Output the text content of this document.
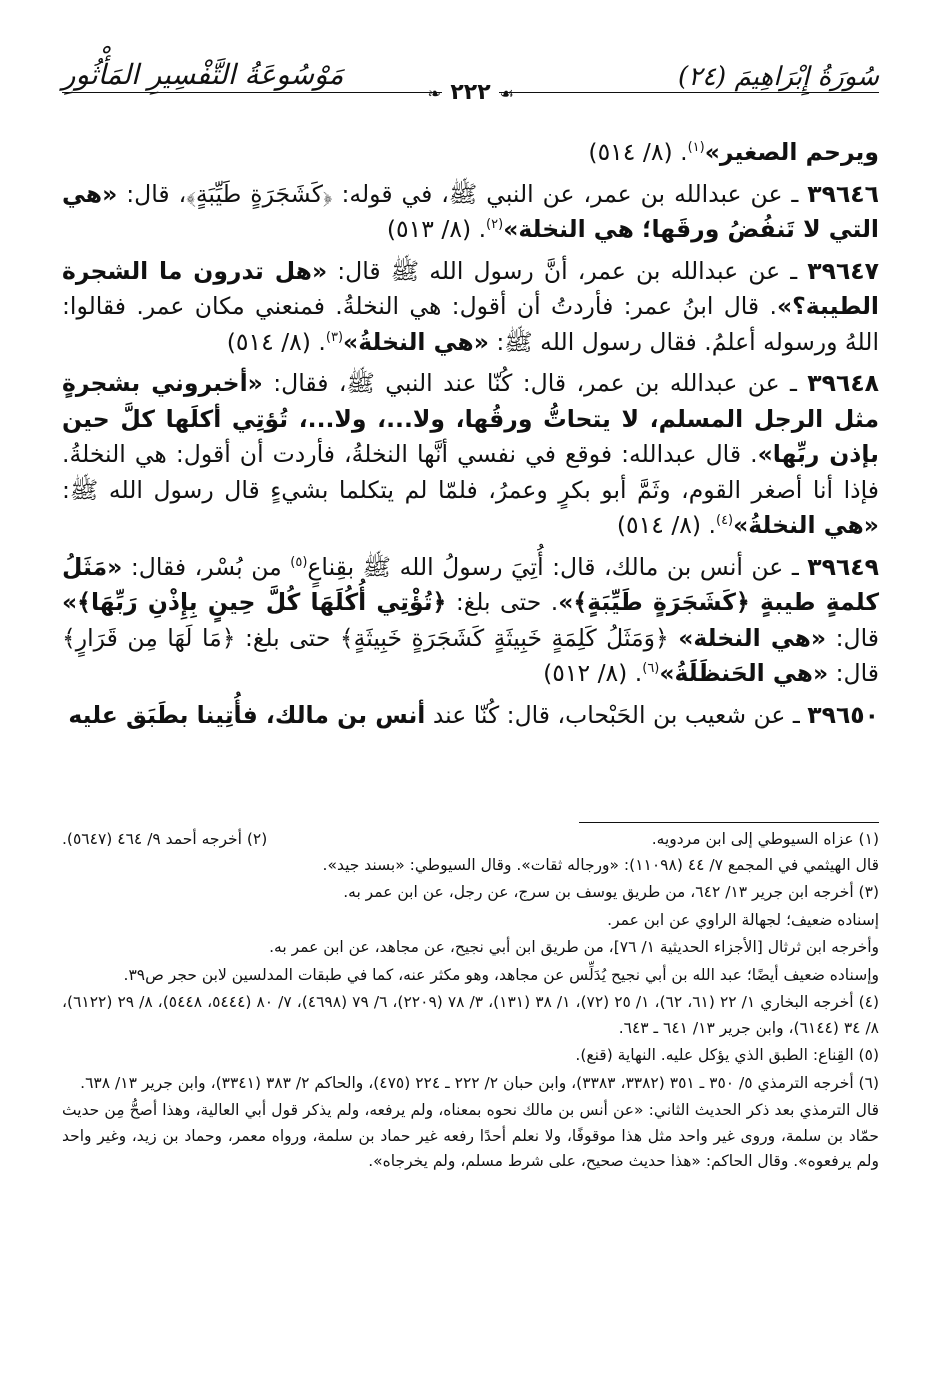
سُورَةُ إِبْرَاهِيمَ (٢٤)
مَوْسُوعَةُ التَّفْسِيرِ المَأْثُورِ
☙٢٢٢❧

ويرحم الصغير»$^{(١)}$. (٨/ ٥١٤)

٣٩٦٤٦ ـ عن عبدالله بن عمر، عن النبي ﷺ، في قوله: ﴿كَشَجَرَةٍ طَيِّبَةٍ﴾، قال: «هي التي لا تَنفُضُ ورقَها؛ هي النخلة»$^{(٢)}$. (٨/ ٥١٣)

٣٩٦٤٧ ـ عن عبدالله بن عمر، أنَّ رسول الله ﷺ قال: «هل تدرون ما الشجرة الطيبة؟». قال ابنُ عمر: فأردتُ أن أقول: هي النخلةُ. فمنعني مكان عمر. فقالوا: اللهُ ورسوله أعلمُ. فقال رسول الله ﷺ: «هي النخلةُ»$^{(٣)}$. (٨/ ٥١٤)

٣٩٦٤٨ ـ عن عبدالله بن عمر، قال: كُنّا عند النبي ﷺ، فقال: «أخبروني بشجرةٍ مثل الرجل المسلم، لا يتحاتُّ ورقُها، ولا...، ولا...، تُؤتِي أكلَها كلَّ حين بإذن ربِّها». قال عبدالله: فوقع في نفسي أنَّها النخلةُ، فأردت أن أقول: هي النخلةُ. فإذا أنا أصغر القوم، وثَمَّ أبو بكرٍ وعمرُ، فلمّا لم يتكلما بشيءٍ قال رسول الله ﷺ: «هي النخلةُ»$^{(٤)}$. (٨/ ٥١٤)

٣٩٦٤٩ ـ عن أنس بن مالك، قال: أُتِيَ رسولُ الله ﷺ بقِناعٍ$^{(٥)}$ من بُسْر، فقال: «مَثَلُ كلمةٍ طيبةٍ ﴿كَشَجَرَةٍ طَيِّبَةٍ﴾». حتى بلغ: ﴿تُؤْتِي أُكُلَهَا كُلَّ حِينٍ بِإِذْنِ رَبِّهَا﴾» قال: «هي النخلة» ﴿وَمَثَلُ كَلِمَةٍ خَبِيثَةٍ كَشَجَرَةٍ خَبِيثَةٍ﴾ حتى بلغ: ﴿مَا لَهَا مِن قَرَارٍ﴾ قال: «هي الحَنظَلَةُ»$^{(٦)}$. (٨/ ٥١٢)

٣٩٦٥٠ ـ عن شعيب بن الحَبْحاب، قال: كُنّا عند أنس بن مالك، فأُتِينا بطَبَق عليه

(١) عزاه السيوطي إلى ابن مردويه.
(٢) أخرجه أحمد ٩/ ٤٦٤ (٥٦٤٧).

قال الهيثمي في المجمع ٧/ ٤٤ (١١٠٩٨): «ورجاله ثقات». وقال السيوطي: «بسند جيد».

(٣) أخرجه ابن جرير ١٣/ ٦٤٢، من طريق يوسف بن سرج، عن رجل، عن ابن عمر به.

إسناده ضعيف؛ لجهالة الراوي عن ابن عمر.

وأخرجه ابن ثرثال [الأجزاء الحديثية ١/ ٧٦]، من طريق ابن أبي نجيح، عن مجاهد، عن ابن عمر به.

وإسناده ضعيف أيضًا؛ عبد الله بن أبي نجيح يُدَلِّس عن مجاهد، وهو مكثر عنه، كما في طبقات المدلسين لابن حجر ص٣٩.

(٤) أخرجه البخاري ١/ ٢٢ (٦١، ٦٢)، ١/ ٢٥ (٧٢)، ١/ ٣٨ (١٣١)، ٣/ ٧٨ (٢٢٠٩)، ٦/ ٧٩ (٤٦٩٨)، ٧/ ٨٠ (٥٤٤٤، ٥٤٤٨)، ٨/ ٢٩ (٦١٢٢)، ٨/ ٣٤ (٦١٤٤)، وابن جرير ١٣/ ٦٤١ ـ ٦٤٣.

(٥) القِناع: الطبق الذي يؤكل عليه. النهاية (قنع).

(٦) أخرجه الترمذي ٥/ ٣٥٠ ـ ٣٥١ (٣٣٨٢، ٣٣٨٣)، وابن حبان ٢/ ٢٢٢ ـ ٢٢٤ (٤٧٥)، والحاكم ٢/ ٣٨٣ (٣٣٤١)، وابن جرير ١٣/ ٦٣٨.

قال الترمذي بعد ذكر الحديث الثاني: «عن أنس بن مالك نحوه بمعناه، ولم يرفعه، ولم يذكر قول أبي العالية، وهذا أصحُّ مِن حديث حمّاد بن سلمة، وروى غير واحد مثل هذا موقوفًا، ولا نعلم أحدًا رفعه غير حماد بن سلمة، ورواه معمر، وحماد بن زيد، وغير واحد ولم يرفعوه». وقال الحاكم: «هذا حديث صحيح، على شرط مسلم، ولم يخرجاه».
